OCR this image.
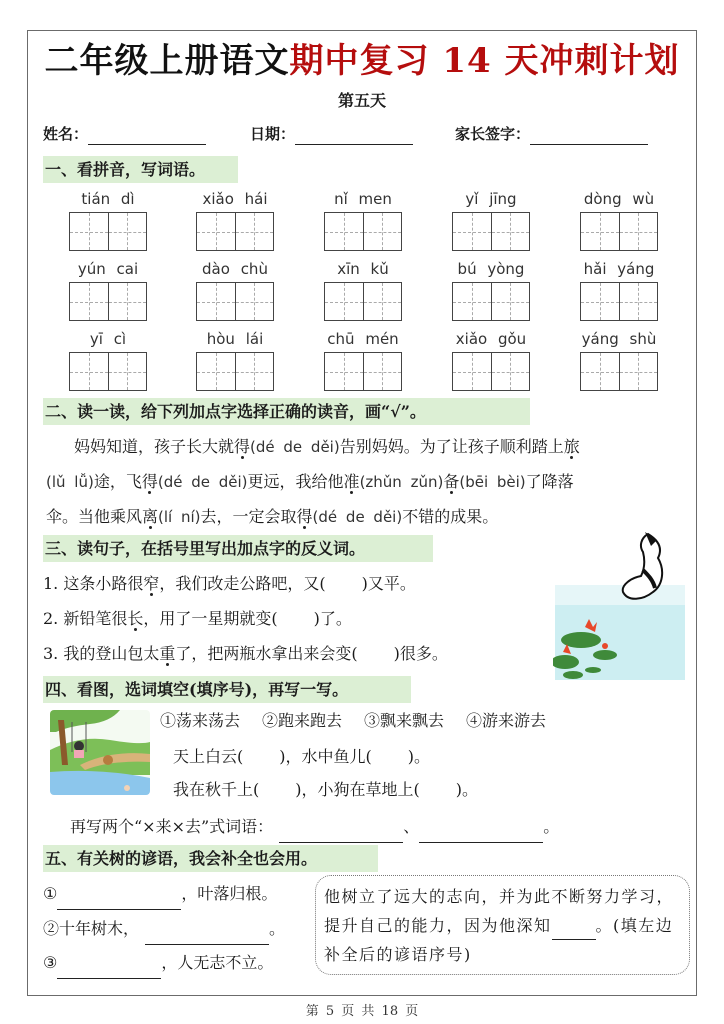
二年级上册语文期中复习 14 天冲刺计划
第五天
姓名：	日期：	家长签字：
一、看拼音，写词语。
tián dì	xiǎo hái	nǐ men	yǐ jīng	dòng wù
yún cai	dào chù	xīn kǔ	bú yòng	hǎi yáng
yī cì	hòu lái	chū mén	xiǎo gǒu	yáng shù
二、读一读，给下列加点字选择正确的读音，画“√”。
妈妈知道，孩子长大就得(dé de děi)告别妈妈。为了让孩子顺利踏上旅
(lǔ lǚ)途，飞得(dé de děi)更远，我给他准(zhǔn zǔn)备(bēi bèi)了降落
伞。当他乘风离(lí ní)去，一定会取得(dé de děi)不错的成果。
三、读句子，在括号里写出加点字的反义词。
1. 这条小路很窄，我们改走公路吧，又( )又平。
2. 新铅笔很长，用了一星期就变( )了。
3. 我的登山包太重了，把两瓶水拿出来会变( )很多。
四、看图，选词填空(填序号)，再写一写。
①荡来荡去 ②跑来跑去 ③飘来飘去 ④游来游去
天上白云( )，水中鱼儿( )。
我在秋千上( )，小狗在草地上( )。
再写两个“×来×去”式词语：	、	。
五、有关树的谚语，我会补全也会用。
①	，叶落归根。
②十年树木，	。
③	，人无志不立。
他树立了远大的志向，并为此不断努力学习，提升自己的能力，因为他深知	。(填左边补全后的谚语序号)
第 5 页 共 18 页
